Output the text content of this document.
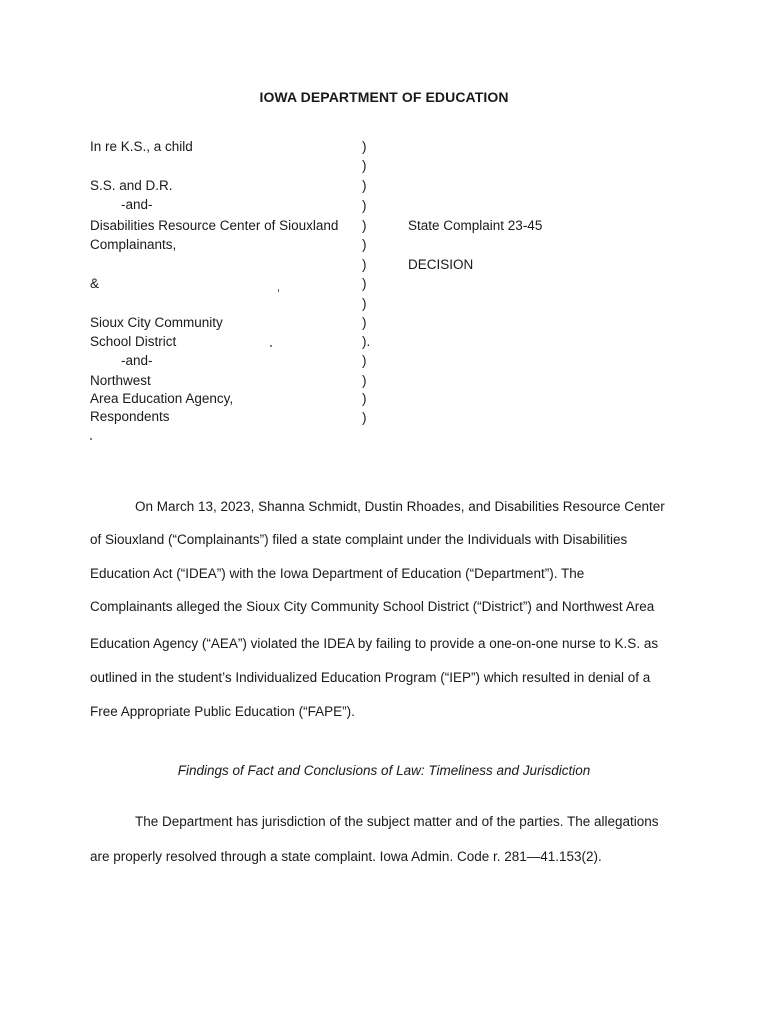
IOWA DEPARTMENT OF EDUCATION
In re K.S., a child
S.S. and D.R.
-and-
Disabilities Resource Center of Siouxland
Complainants,
&
Sioux City Community
School District
-and-
Northwest
Area Education Agency,
Respondents
)
)
)
)
)
)
)
)
)
)
).
)
)
)
)
State Complaint 23-45
DECISION
On March 13, 2023, Shanna Schmidt, Dustin Rhoades, and Disabilities Resource Center
of Siouxland (“Complainants”) filed a state complaint under the Individuals with Disabilities
Education Act (“IDEA”) with the Iowa Department of Education (“Department”). The
Complainants alleged the Sioux City Community School District (“District”) and Northwest Area
Education Agency (“AEA”) violated the IDEA by failing to provide a one-on-one nurse to K.S. as
outlined in the student’s Individualized Education Program (“IEP”) which resulted in denial of a
Free Appropriate Public Education (“FAPE”).
Findings of Fact and Conclusions of Law: Timeliness and Jurisdiction
The Department has jurisdiction of the subject matter and of the parties. The allegations
are properly resolved through a state complaint. Iowa Admin. Code r. 281—41.153(2).
